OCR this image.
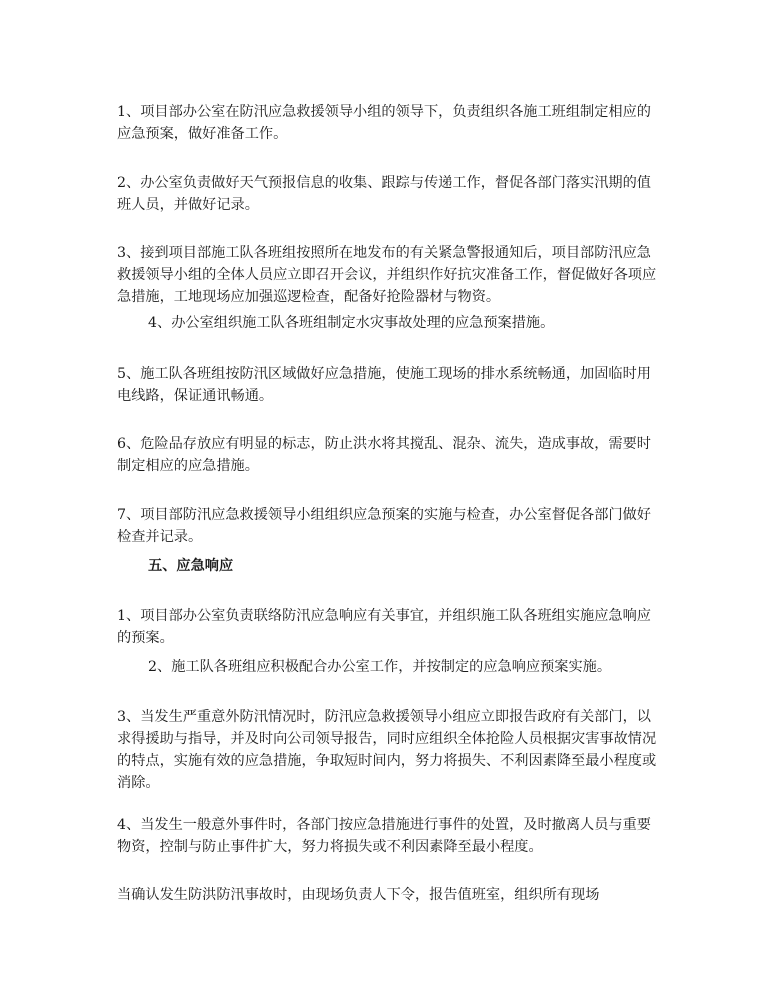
1、项目部办公室在防汛应急救援领导小组的领导下，负责组织各施工班组制定相应的应急预案，做好准备工作。

2、办公室负责做好天气预报信息的收集、跟踪与传递工作，督促各部门落实汛期的值班人员，并做好记录。

3、接到项目部施工队各班组按照所在地发布的有关紧急警报通知后，项目部防汛应急救援领导小组的全体人员应立即召开会议，并组织作好抗灾准备工作，督促做好各项应急措施，工地现场应加强巡逻检查，配备好抢险器材与物资。

4、办公室组织施工队各班组制定水灾事故处理的应急预案措施。

5、施工队各班组按防汛区域做好应急措施，使施工现场的排水系统畅通，加固临时用电线路，保证通讯畅通。

6、危险品存放应有明显的标志，防止洪水将其搅乱、混杂、流失，造成事故，需要时制定相应的应急措施。

7、项目部防汛应急救援领导小组组织应急预案的实施与检查，办公室督促各部门做好检查并记录。

五、应急响应

1、项目部办公室负责联络防汛应急响应有关事宜，并组织施工队各班组实施应急响应的预案。

2、施工队各班组应积极配合办公室工作，并按制定的应急响应预案实施。

3、当发生严重意外防汛情况时，防汛应急救援领导小组应立即报告政府有关部门，以求得援助与指导，并及时向公司领导报告，同时应组织全体抢险人员根据灾害事故情况的特点，实施有效的应急措施，争取短时间内，努力将损失、不利因素降至最小程度或消除。

4、当发生一般意外事件时，各部门按应急措施进行事件的处置，及时撤离人员与重要物资，控制与防止事件扩大，努力将损失或不利因素降至最小程度。

当确认发生防洪防汛事故时，由现场负责人下令，报告值班室，组织所有现场
